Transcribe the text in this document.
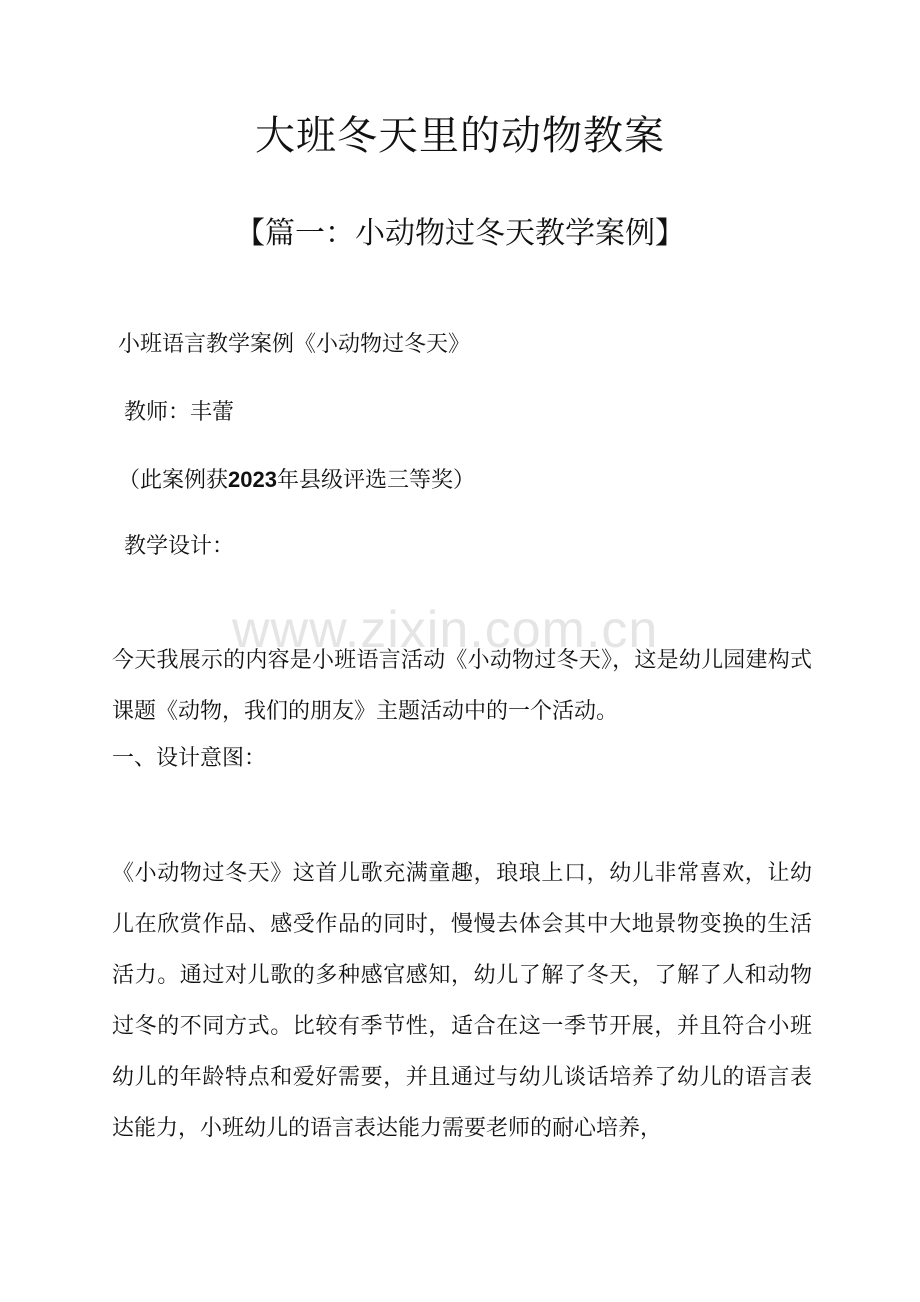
www.zixin.com.cn
大班冬天里的动物教案
【篇一：小动物过冬天教学案例】
小班语言教学案例《小动物过冬天》
教师：丰蕾
（此案例获2023年县级评选三等奖）
教学设计：
今天我展示的内容是小班语言活动《小动物过冬天》，这是幼儿园建构式课题《动物，我们的朋友》主题活动中的一个活动。
一、设计意图：
《小动物过冬天》这首儿歌充满童趣，琅琅上口，幼儿非常喜欢，让幼儿在欣赏作品、感受作品的同时，慢慢去体会其中大地景物变换的生活活力。通过对儿歌的多种感官感知，幼儿了解了冬天，了解了人和动物过冬的不同方式。比较有季节性，适合在这一季节开展，并且符合小班幼儿的年龄特点和爱好需要，并且通过与幼儿谈话培养了幼儿的语言表达能力，小班幼儿的语言表达能力需要老师的耐心培养，
